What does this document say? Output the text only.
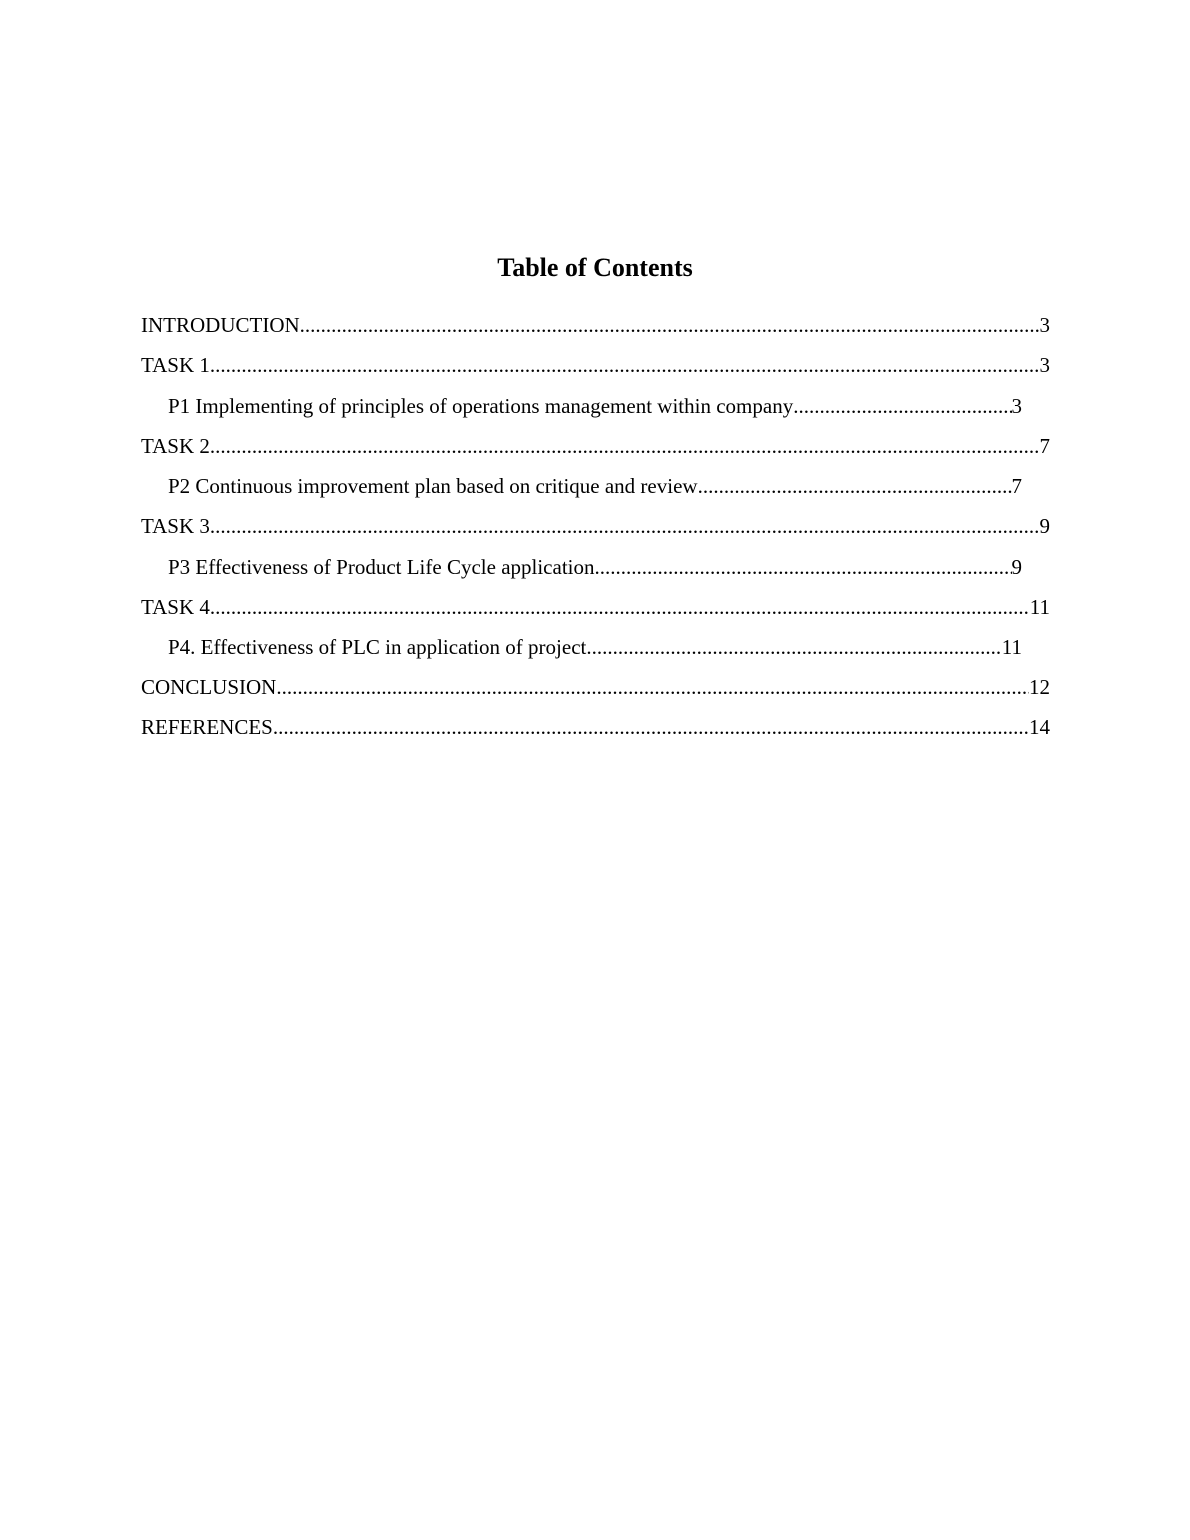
Table of Contents
INTRODUCTION .....	3
TASK 1 .....	3
P1 Implementing of principles of operations management within company .....	3
TASK 2 .....	7
P2 Continuous improvement plan based on critique and review .....	7
TASK 3 .....	9
P3 Effectiveness of Product Life Cycle application .....	9
TASK 4 .....	11
P4. Effectiveness of PLC in application of project .....	11
CONCLUSION .....	12
REFERENCES .....	14
